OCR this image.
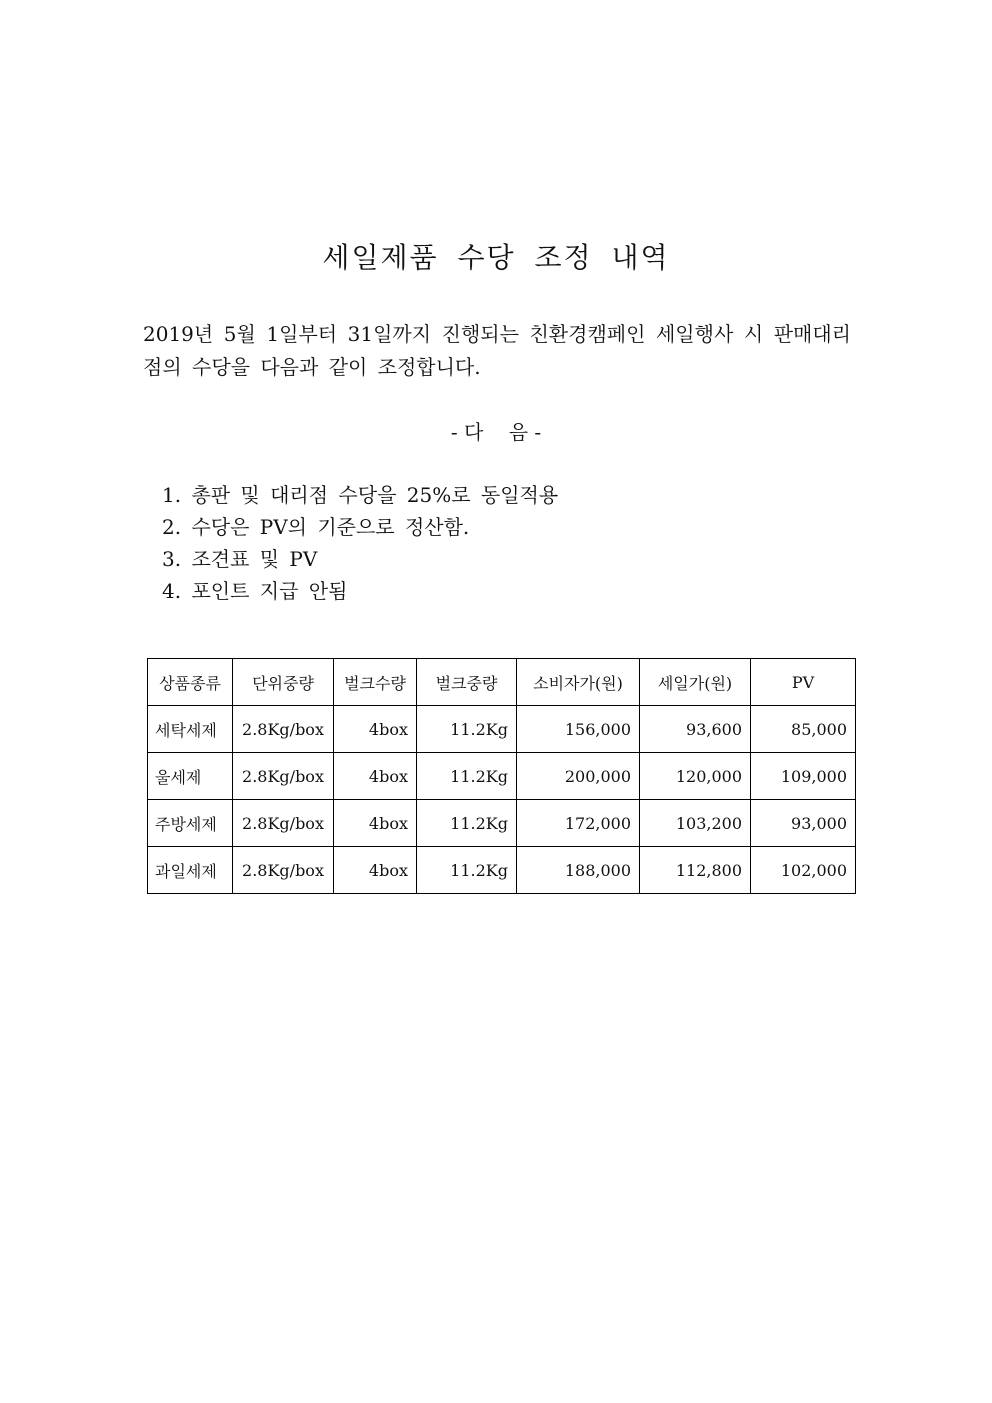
세일제품 수당 조정 내역
2019년 5월 1일부터 31일까지 진행되는 친환경캠페인 세일행사 시 판매대리
점의 수당을 다음과 같이 조정합니다.
- 다    음 -
1. 총판 및 대리점 수당을 25%로 동일적용
2. 수당은 PV의 기준으로 정산함.
3. 조견표 및 PV
4. 포인트 지급 안됨
상품종류	단위중량	벌크수량	벌크중량	소비자가(원)	세일가(원)	PV
세탁세제	2.8Kg/box	4box	11.2Kg	156,000	93,600	85,000
울세제	2.8Kg/box	4box	11.2Kg	200,000	120,000	109,000
주방세제	2.8Kg/box	4box	11.2Kg	172,000	103,200	93,000
과일세제	2.8Kg/box	4box	11.2Kg	188,000	112,800	102,000
